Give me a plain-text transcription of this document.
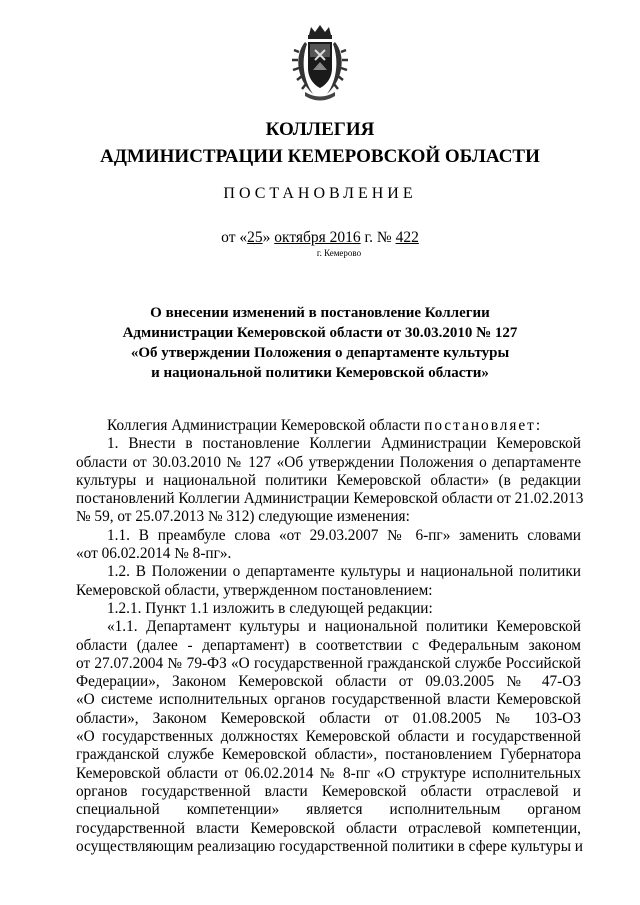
КОЛЛЕГИЯ
АДМИНИСТРАЦИИ КЕМЕРОВСКОЙ ОБЛАСТИ
ПОСТАНОВЛЕНИЕ
от «25» октября 2016 г. № 422
г. Кемерово
О внесении изменений в постановление Коллегии
Администрации Кемеровской области от 30.03.2010 № 127
«Об утверждении Положения о департаменте культуры
и национальной политики Кемеровской области»
Коллегия Администрации Кемеровской области постановляет:
1. Внести в постановление Коллегии Администрации Кемеровской
области от 30.03.2010 № 127 «Об утверждении Положения о департаменте
культуры и национальной политики Кемеровской области» (в редакции
постановлений Коллегии Администрации Кемеровской области от 21.02.2013
№ 59, от 25.07.2013 № 312) следующие изменения:
1.1. В преамбуле слова «от 29.03.2007 № 6-пг» заменить словами
«от 06.02.2014 № 8-пг».
1.2. В Положении о департаменте культуры и национальной политики
Кемеровской области, утвержденном постановлением:
1.2.1. Пункт 1.1 изложить в следующей редакции:
«1.1. Департамент культуры и национальной политики Кемеровской
области (далее - департамент) в соответствии с Федеральным законом
от 27.07.2004 № 79-ФЗ «О государственной гражданской службе Российской
Федерации», Законом Кемеровской области от 09.03.2005 № 47-ОЗ
«О системе исполнительных органов государственной власти Кемеровской
области», Законом Кемеровской области от 01.08.2005 № 103-ОЗ
«О государственных должностях Кемеровской области и государственной
гражданской службе Кемеровской области», постановлением Губернатора
Кемеровской области от 06.02.2014 № 8-пг «О структуре исполнительных
органов государственной власти Кемеровской области отраслевой и
специальной компетенции» является исполнительным органом
государственной власти Кемеровской области отраслевой компетенции,
осуществляющим реализацию государственной политики в сфере культуры и
